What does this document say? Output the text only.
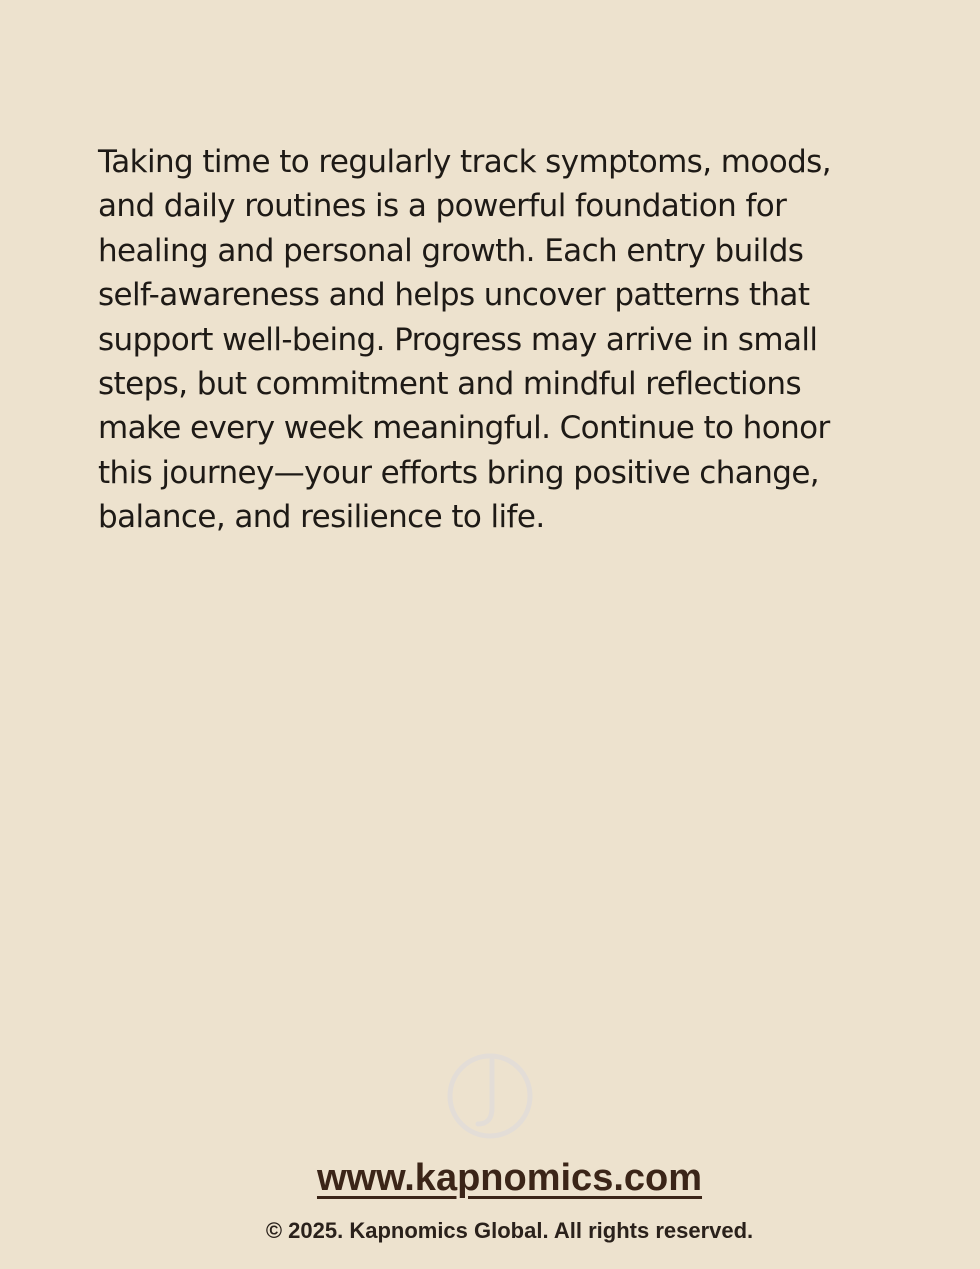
Taking time to regularly track symptoms, moods, and daily routines is a powerful foundation for healing and personal growth. Each entry builds self-awareness and helps uncover patterns that support well-being. Progress may arrive in small steps, but commitment and mindful reflections make every week meaningful. Continue to honor this journey—your efforts bring positive change, balance, and resilience to life.

www.kapnomics.com
© 2025. Kapnomics Global. All rights reserved.
